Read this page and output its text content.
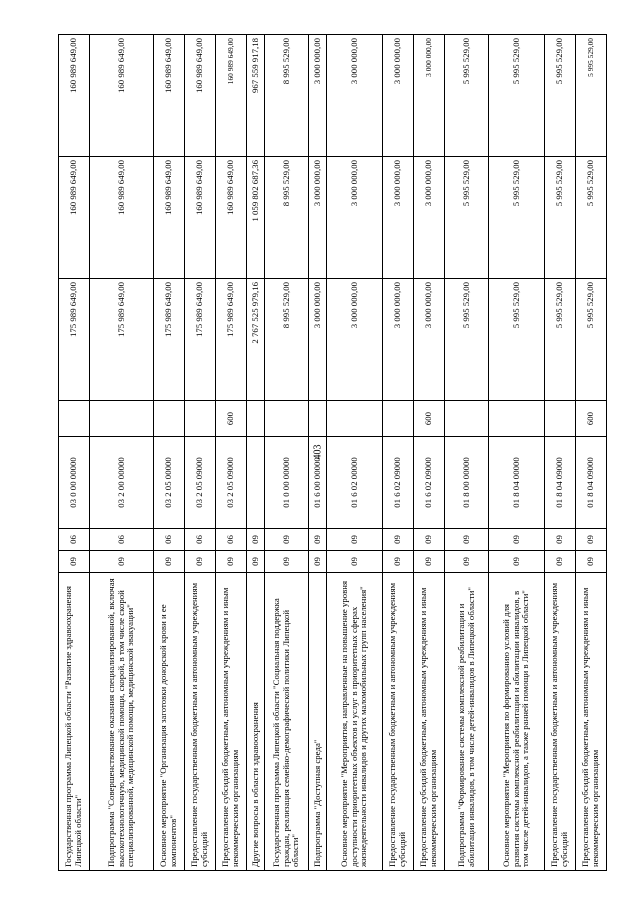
403
Государственная программа Липецкой области "Развитие здравоохранения Липецкой области"	09	06	03 0 00 00000		175 989 649,00	160 989 649,00	160 989 649,00
Подпрограмма "Совершенствование оказания специализированной, включая высокотехнологичную, медицинской помощи, скорой, в том числе скорой специализированной, медицинской помощи, медицинской эвакуации"	09	06	03 2 00 00000		175 989 649,00	160 989 649,00	160 989 649,00
Основное мероприятие "Организация заготовки донорской крови и ее компонентов"	09	06	03 2 05 00000		175 989 649,00	160 989 649,00	160 989 649,00
Предоставление государственным бюджетным и автономным учреждениям субсидий	09	06	03 2 05 09000		175 989 649,00	160 989 649,00	160 989 649,00
Предоставление субсидий бюджетным, автономным учреждениям и иным некоммерческим организациям	09	06	03 2 05 09000	600	175 989 649,00	160 989 649,00	160 989 649,00
Другие вопросы в области здравоохранения	09	09			2 767 525 979,16	1 059 802 687,36	967 559 917,18
Государственная программа Липецкой области "Социальная поддержка граждан, реализация семейно-демографической политики Липецкой области"	09	09	01 0 00 00000		8 995 529,00	8 995 529,00	8 995 529,00
Подпрограмма "Доступная среда"	09	09	01 6 00 00000		3 000 000,00	3 000 000,00	3 000 000,00
Основное мероприятие "Мероприятия, направленные на повышение уровня доступности приоритетных объектов и услуг в приоритетных сферах жизнедеятельности инвалидов и других маломобильных групп населения"	09	09	01 6 02 00000		3 000 000,00	3 000 000,00	3 000 000,00
Предоставление государственным бюджетным и автономным учреждениям субсидий	09	09	01 6 02 09000		3 000 000,00	3 000 000,00	3 000 000,00
Предоставление субсидий бюджетным, автономным учреждениям и иным некоммерческим организациям	09	09	01 6 02 09000	600	3 000 000,00	3 000 000,00	3 000 000,00
Подпрограмма "Формирование системы комплексной реабилитации и абилитации инвалидов, в том числе детей-инвалидов в Липецкой области"	09	09	01 8 00 00000		5 995 529,00	5 995 529,00	5 995 529,00
Основное мероприятие "Мероприятия по формированию условий для развития системы комплексной реабилитации и абилитации инвалидов, в том числе детей-инвалидов, а также ранней помощи в Липецкой области"	09	09	01 8 04 00000		5 995 529,00	5 995 529,00	5 995 529,00
Предоставление государственным бюджетным и автономным учреждениям субсидий	09	09	01 8 04 09000		5 995 529,00	5 995 529,00	5 995 529,00
Предоставление субсидий бюджетным, автономным учреждениям и иным некоммерческим организациям	09	09	01 8 04 09000	600	5 995 529,00	5 995 529,00	5 995 529,00
